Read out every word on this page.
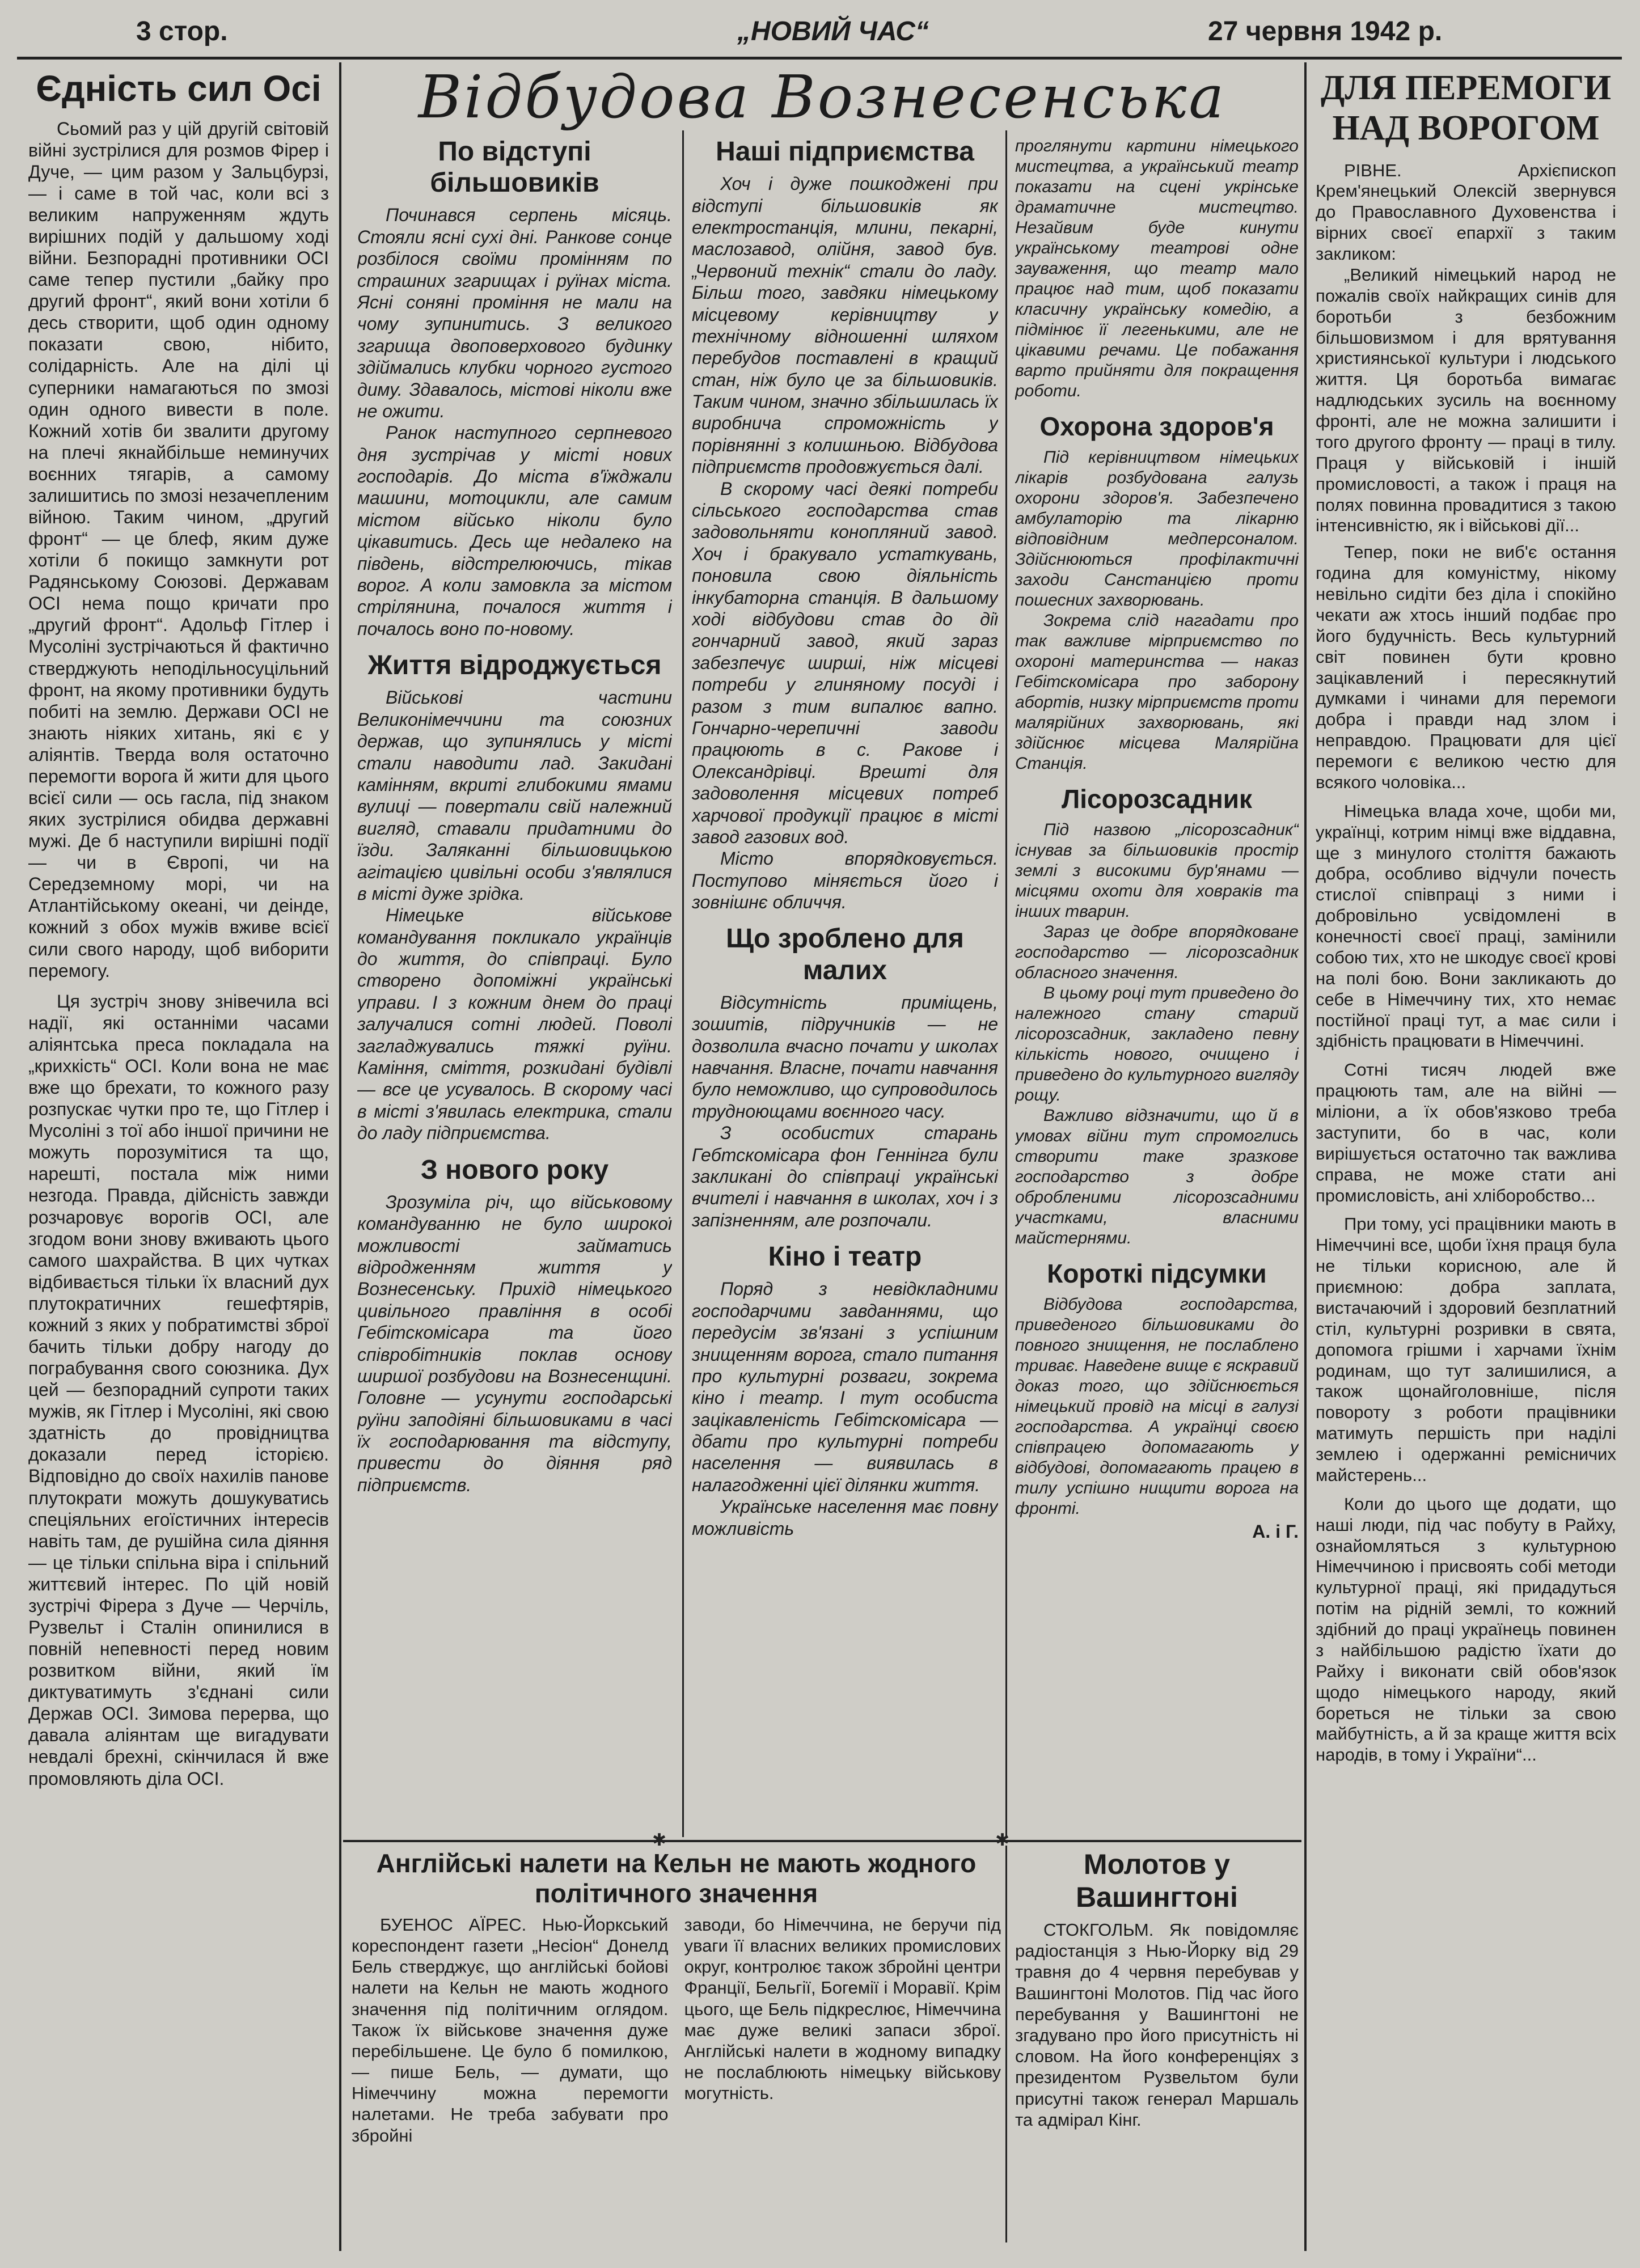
3 стор.	„НОВИЙ ЧАС“	27 червня 1942 р.
✱	✱
Єдність сил Осі

Сьомий раз у цій другій світовій війні зустрілися для розмов Фірер і Дуче, — цим разом у Зальцбурзі, — і саме в той час, коли всі з великим напруженням ждуть вирішних подій у дальшому ході війни. Безпорадні противники ОСІ саме тепер пустили „байку про другий фронт“, який вони хотіли б десь створити, щоб один одному показати свою, нібито, солідарність. Але на ділі ці суперники намагаються по змозі один одного вивести в поле. Кожний хотів би звалити другому на плечі якнайбільше неминучих воєнних тягарів, а самому залишитись по змозі незачепленим війною. Таким чином, „другий фронт“ — це блеф, яким дуже хотіли б покищо замкнути рот Радянському Союзові. Державам ОСІ нема пощо кричати про „другий фронт“. Адольф Гітлер і Мусоліні зустрічаються й фактично стверджують неподільносуцільний фронт, на якому противники будуть побиті на землю. Держави ОСІ не знають ніяких хитань, які є у аліянтів. Тверда воля остаточно перемогти ворога й жити для цього всієї сили — ось гасла, під знаком яких зустрілися обидва державні мужі. Де б наступили вирішні події — чи в Європі, чи на Середземному морі, чи на Атлантійському океані, чи деінде, кожний з обох мужів вживе всієї сили свого народу, щоб виборити перемогу.

Ця зустріч знову знівечила всі надії, які останніми часами аліянтська преса покладала на „крихкість“ ОСІ. Коли вона не має вже що брехати, то кожного разу розпускає чутки про те, що Гітлер і Мусоліні з тої або іншої причини не можуть порозумітися та що, нарешті, постала між ними незгода. Правда, дійсність завжди розчаровує ворогів ОСІ, але згодом вони знову вживають цього самого шахрайства. В цих чутках відбивається тільки їх власний дух плутократичних гешефтярів, кожний з яких у побратимстві зброї бачить тільки добру нагоду до пограбування свого союзника. Дух цей — безпорадний супроти таких мужів, як Гітлер і Мусоліні, які свою здатність до провідництва доказали перед історією. Відповідно до своїх нахилів панове плутократи можуть дошукуватись спеціяльних егоїстичних інтересів навіть там, де рушійна сила діяння — це тільки спільна віра і спільний життєвий інтерес. По цій новій зустрічі Фірера з Дуче — Черчіль, Рузвельт і Сталін опинилися в повній непевності перед новим розвитком війни, який їм диктуватимуть з'єднані сили Держав ОСІ. Зимова перерва, що давала аліянтам ще вигадувати невдалі брехні, скінчилася й вже промовляють діла ОСІ.

Відбудова Вознесенська
По відступі більшовиків

Починався серпень місяць. Стояли ясні сухі дні. Ранкове сонце розбілося своїми промінням по страшних згарищах і руїнах міста. Ясні соняні проміння не мали на чому зупинитись. З великого згарища двоповерхового будинку здіймались клубки чорного густого диму. Здавалось, містові ніколи вже не ожити.

Ранок наступного серпневого дня зустрічав у місті нових господарів. До міста в'їжджали машини, мотоцикли, але самим містом військо ніколи було цікавитись. Десь ще недалеко на південь, відстрелюючись, тікав ворог. А коли замовкла за містом стрілянина, почалося життя і почалось воно по-новому.

Життя відроджується

Військові частини Великонімеччини та союзних держав, що зупинялись у місті стали наводити лад. Закидані камінням, вкриті глибокими ямами вулиці — повертали свій належний вигляд, ставали придатними до їзди. Заляканні більшовицькою агітацією цивільні особи з'являлися в місті дуже зрідка.

Німецьке військове командування покликало українців до життя, до співпраці. Було створено допоміжні українські управи. І з кожним днем до праці залучалися сотні людей. Поволі загладжувались тяжкі руїни. Каміння, сміття, розкидані будівлі — все це усувалось. В скорому часі в місті з'явилась електрика, стали до ладу підприємства.

З нового року

Зрозуміла річ, що військовому командуванню не було широкої можливості займатись відродженням життя у Вознесенську. Прихід німецького цивільного правління в особі Гебітскомісара та його співробітників поклав основу ширшої розбудови на Вознесенщині. Головне — усунути господарські руїни заподіяні більшовиками в часі їх господарювання та відступу, привести до діяння ряд підприємств.

Наші підприємства

Хоч і дуже пошкоджені при відступі більшовиків як електростанція, млини, пекарні, маслозавод, олійня, завод був. „Червоний технік“ стали до ладу. Більш того, завдяки німецькому місцевому керівництву у технічному відношенні шляхом перебудов поставлені в кращий стан, ніж було це за більшовиків. Таким чином, значно збільшилась їх виробнича спроможність у порівнянні з колишньою. Відбудова підприємств продовжується далі.

В скорому часі деякі потреби сільського господарства став задовольняти конопляний завод. Хоч і бракувало устаткувань, поновила свою діяльність інкубаторна станція. В дальшому ході відбудови став до дії гончарний завод, який зараз забезпечує ширші, ніж місцеві потреби у глиняному посуді і разом з тим випалює вапно. Гончарно-черепичні заводи працюють в с. Ракове і Олександрівці. Врешті для задоволення місцевих потреб харчової продукції працює в місті завод газових вод.

Місто впорядковується. Поступово міняється його і зовнішнє обличчя.

Що зроблено для малих

Відсутність приміщень, зошитів, підручників — не дозволила вчасно почати у школах навчання. Власне, почати навчання було неможливо, що супроводилось трудноющами воєнного часу.

З особистих старань Гебтскомісара фон Геннінга були закликані до співпраці українські вчителі і навчання в школах, хоч і з запізненням, але розпочали.

Кіно і театр

Поряд з невідкладними господарчими завданнями, що передусім зв'язані з успішним знищенням ворога, стало питання про культурні розваги, зокрема кіно і театр. І тут особиста зацікавленість Гебітскомісара — дбати про культурні потреби населення — виявилась в налагодженні цієї ділянки життя.

Українське населення має повну можливість

проглянути картини німецького мистецтва, а український театр показати на сцені укрінське драматичне мистецтво. Незайвим буде кинути українському театрові одне зауваження, що театр мало працює над тим, щоб показати класичну українську комедію, а підмінює її легенькими, але не цікавими речами. Це побажання варто прийняти для покращення роботи.

Охорона здоров'я

Під керівництвом німецьких лікарів розбудована галузь охорони здоров'я. Забезпечено амбулаторію та лікарню відповідним медперсоналом. Здійснюються профілактичні заходи Санстанцією проти пошесних захворювань.

Зокрема слід нагадати про так важливе мірприємство по охороні материнства — наказ Гебітскомісара про заборону абортів, низку мірприємств проти малярійних захворювань, які здійснює місцева Малярійна Станція.

Лісорозсадник

Під назвою „лісорозсадник“ існував за більшовиків простір землі з високими бур'янами — місцями охоти для ховраків та інших тварин.

Зараз це добре впорядковане господарство — лісорозсадник обласного значення.

В цьому році тут приведено до належного стану старий лісорозсадник, закладено певну кількість нового, очищено і приведено до культурного вигляду рощу.

Важливо відзначити, що й в умовах війни тут спромоглись створити таке зразкове господарство з добре обробленими лісорозсадними участками, власними майстернями.

Короткі підсумки

Відбудова господарства, приведеного більшовиками до повного знищення, не послаблено триває. Наведене вище є яскравий доказ того, що здійснюється німецький провід на місці в галузі господарства. А українці своєю співпрацею допомагають у відбудові, допомагають працею в тилу успішно нищити ворога на фронті.

А. і Г.
Англійські налети на Кельн не мають жодного політичного значення

БУЕНОС АЇРЕС. Нью-Йоркський кореспондент газети „Несіон“ Донелд Бель стверджує, що англійські бойові налети на Кельн не мають жодного значення під політичним оглядом. Також їх військове значення дуже перебільшене. Це було б помилкою, — пише Бель, — думати, що Німеччину можна перемогти налетами. Не треба забувати про збройні

заводи, бо Німеччина, не беручи під уваги її власних великих промислових округ, контролює також збройні центри Франції, Бельгії, Богемії і Моравії. Крім цього, ще Бель підкреслює, Німеччина має дуже великі запаси зброї. Англійські налети в жодному випадку не послаблюють німецьку військову могутність.

Молотов у Вашингтоні

СТОКГОЛЬМ. Як повідомляє радіостанція з Нью-Йорку від 29 травня до 4 червня перебував у Вашингтоні Молотов. Під час його перебування у Вашингтоні не згадувано про його присутність ні словом. На його конференціях з президентом Рузвельтом були присутні також генерал Маршаль та адмірал Кінг.

ДЛЯ ПЕРЕМОГИ НАД ВОРОГОМ

РІВНЕ. Архієпископ Крем'янецький Олексій звернувся до Православного Духовенства і вірних своєї епархії з таким закликом:

„Великий німецький народ не пожалів своїх найкращих синів для боротьби з безбожним більшовизмом і для врятування християнської культури і людського життя. Ця боротьба вимагає надлюдських зусиль на воєнному фронті, але не можна залишити і того другого фронту — праці в тилу. Праця у військовій і іншій промисловості, а також і праця на полях повинна провадитися з такою інтенсивністю, як і військові дії...

Тепер, поки не виб'є остання година для комуністму, нікому невільно сидіти без діла і спокійно чекати аж хтось інший подбає про його будучність. Весь культурний світ повинен бути кровно зацікавлений і пересякнутий думками і чинами для перемоги добра і правди над злом і неправдою. Працювати для цієї перемоги є великою честю для всякого чоловіка...

Німецька влада хоче, щоби ми, українці, котрим німці вже віддавна, ще з минулого століття бажають добра, особливо відчули почесть стислої співпраці з ними і добровільно усвідомлені в конечності своєї праці, замінили собою тих, хто не шкодує своєї крові на полі бою. Вони закликають до себе в Німеччину тих, хто немає постійної праці тут, а має сили і здібність працювати в Німеччині.

Сотні тисяч людей вже працюють там, але на війні — міліони, а їх обов'язково треба заступити, бо в час, коли вирішується остаточно так важлива справа, не може стати ані промисловість, ані хліборобство...

При тому, усі працівники мають в Німеччині все, щоби їхня праця була не тільки корисною, але й приємною: добра заплата, вистачаючий і здоровий безплатний стіл, культурні розривки в свята, допомога грішми і харчами їхнім родинам, що тут залишилися, а також щонайголовніше, після повороту з роботи працівники матимуть першість при наділі землею і одержанні ремісничих майстерень...

Коли до цього ще додати, що наші люди, під час побуту в Райху, ознайомляться з культурною Німеччиною і присвоять собі методи культурної праці, які придадуться потім на рідній землі, то кожний здібний до праці українець повинен з найбільшою радістю їхати до Райху і виконати свій обов'язок щодо німецького народу, який бореться не тільки за свою майбутність, а й за краще життя всіх народів, в тому і України“...
